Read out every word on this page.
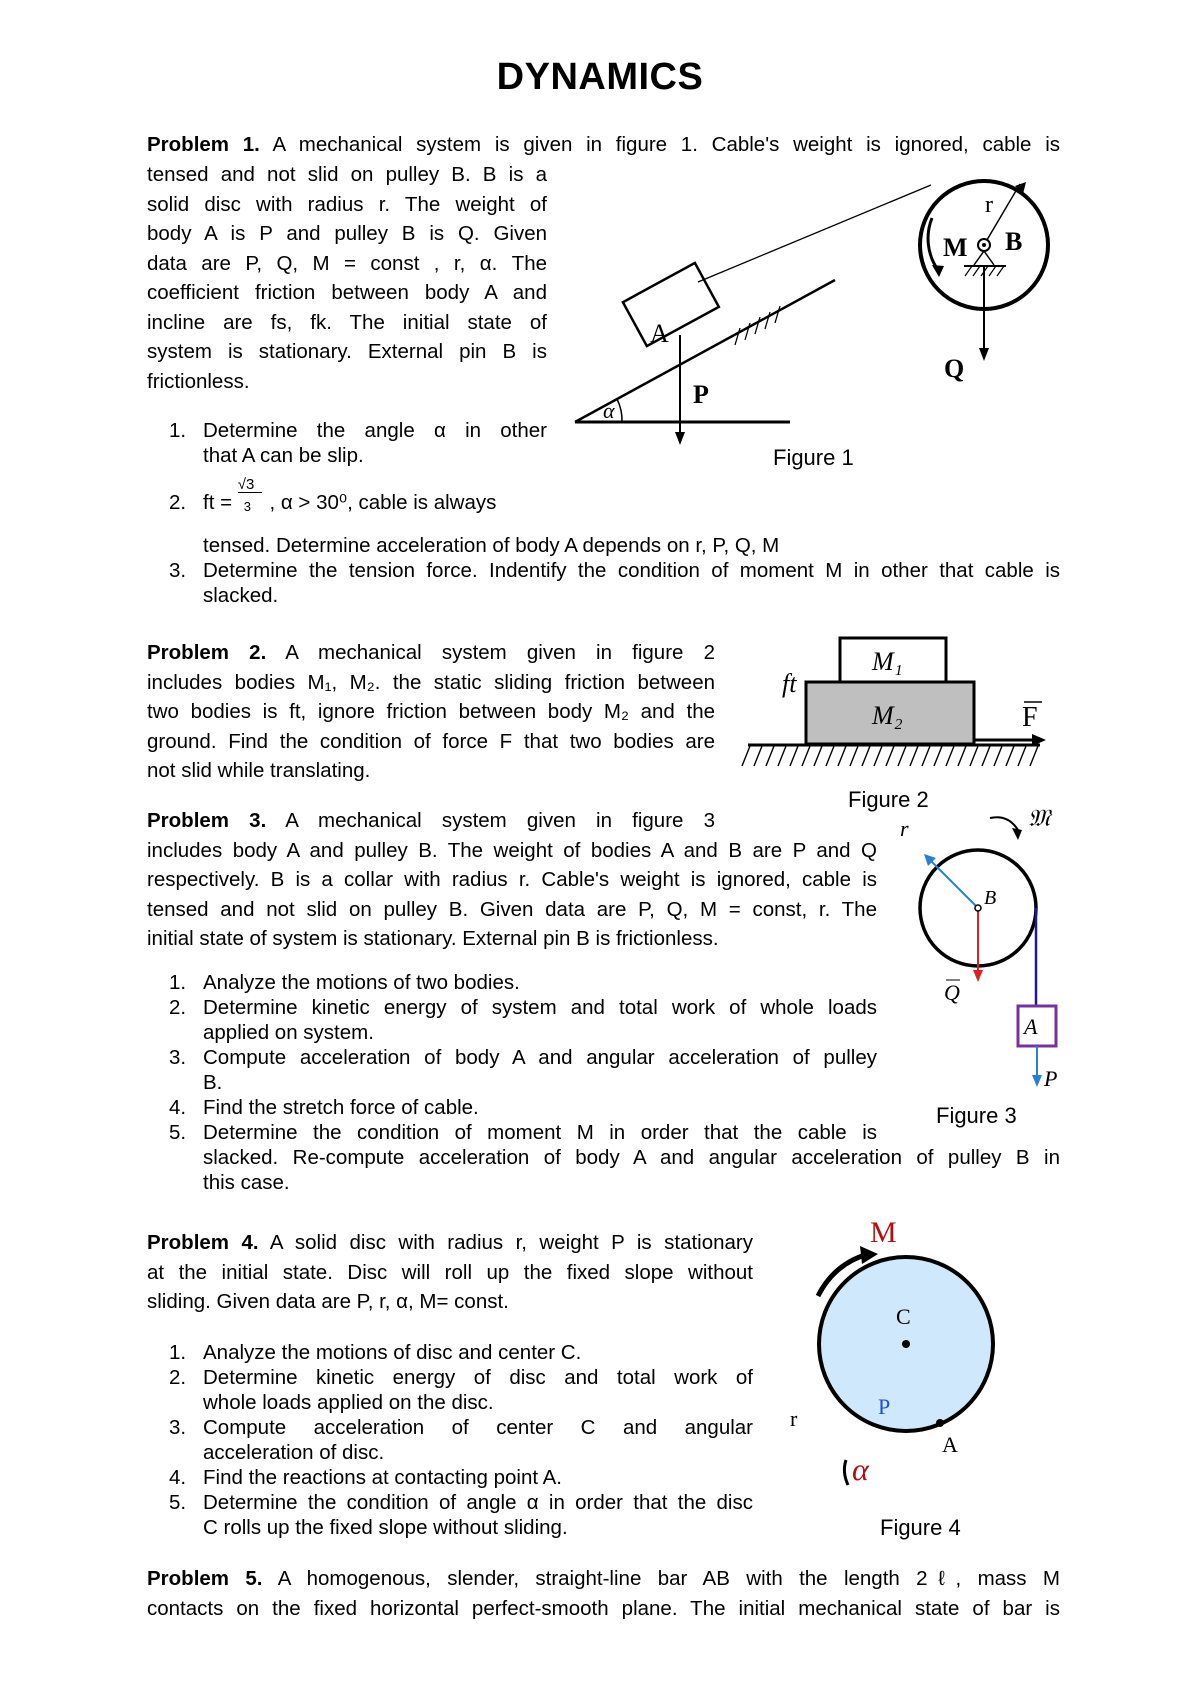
DYNAMICS
Problem 1. A mechanical system is given in figure 1. Cable's weight is ignored, cable is
tensed and not slid on pulley B. B is a
solid disc with radius r. The weight of
body A is P and pulley B is Q. Given
data are P, Q, M = const , r, α. The
coefficient friction between body A and
incline are fs, fk. The initial state of
system is stationary. External pin B is
frictionless.
1. Determine the angle α in other
that A can be slip.
2. ft = $\frac{√3}{3}$ , α > 30⁰, cable is always
tensed. Determine acceleration of body A depends on r, P, Q, M
3. Determine the tension force. Indentify the condition of moment M in other that cable is
slacked.
α
A
P
r
B
M
Q
Figure 1
Problem 2. A mechanical system given in figure 2
includes bodies M₁, M₂. the static sliding friction between
two bodies is ft, ignore friction between body M₂ and the
ground. Find the condition of force F that two bodies are
not slid while translating.
M₁
M₂
ft
F
Figure 2
Problem 3. A mechanical system given in figure 3
includes body A and pulley B. The weight of bodies A and B are P and Q
respectively. B is a collar with radius r. Cable's weight is ignored, cable is
tensed and not slid on pulley B. Given data are P, Q, M = const, r. The
initial state of system is stationary. External pin B is frictionless.
1. Analyze the motions of two bodies.
2. Determine kinetic energy of system and total work of whole loads
applied on system.
3. Compute acceleration of body A and angular acceleration of pulley
B.
4. Find the stretch force of cable.
5. Determine the condition of moment M in order that the cable is
slacked. Re-compute acceleration of body A and angular acceleration of pulley B in
this case.
𝔐
r
B
Q
A
P
Figure 3
Problem 4. A solid disc with radius r, weight P is stationary
at the initial state. Disc will roll up the fixed slope without
sliding. Given data are P, r, α, M= const.
1. Analyze the motions of disc and center C.
2. Determine kinetic energy of disc and total work of
whole loads applied on the disc.
3. Compute acceleration of center C and angular
acceleration of disc.
4. Find the reactions at contacting point A.
5. Determine the condition of angle α in order that the disc
C rolls up the fixed slope without sliding.
M
C
P
A
r
α
Figure 4
Problem 5. A homogenous, slender, straight-line bar AB with the length 2ℓ, mass M
contacts on the fixed horizontal perfect-smooth plane. The initial mechanical state of bar is
